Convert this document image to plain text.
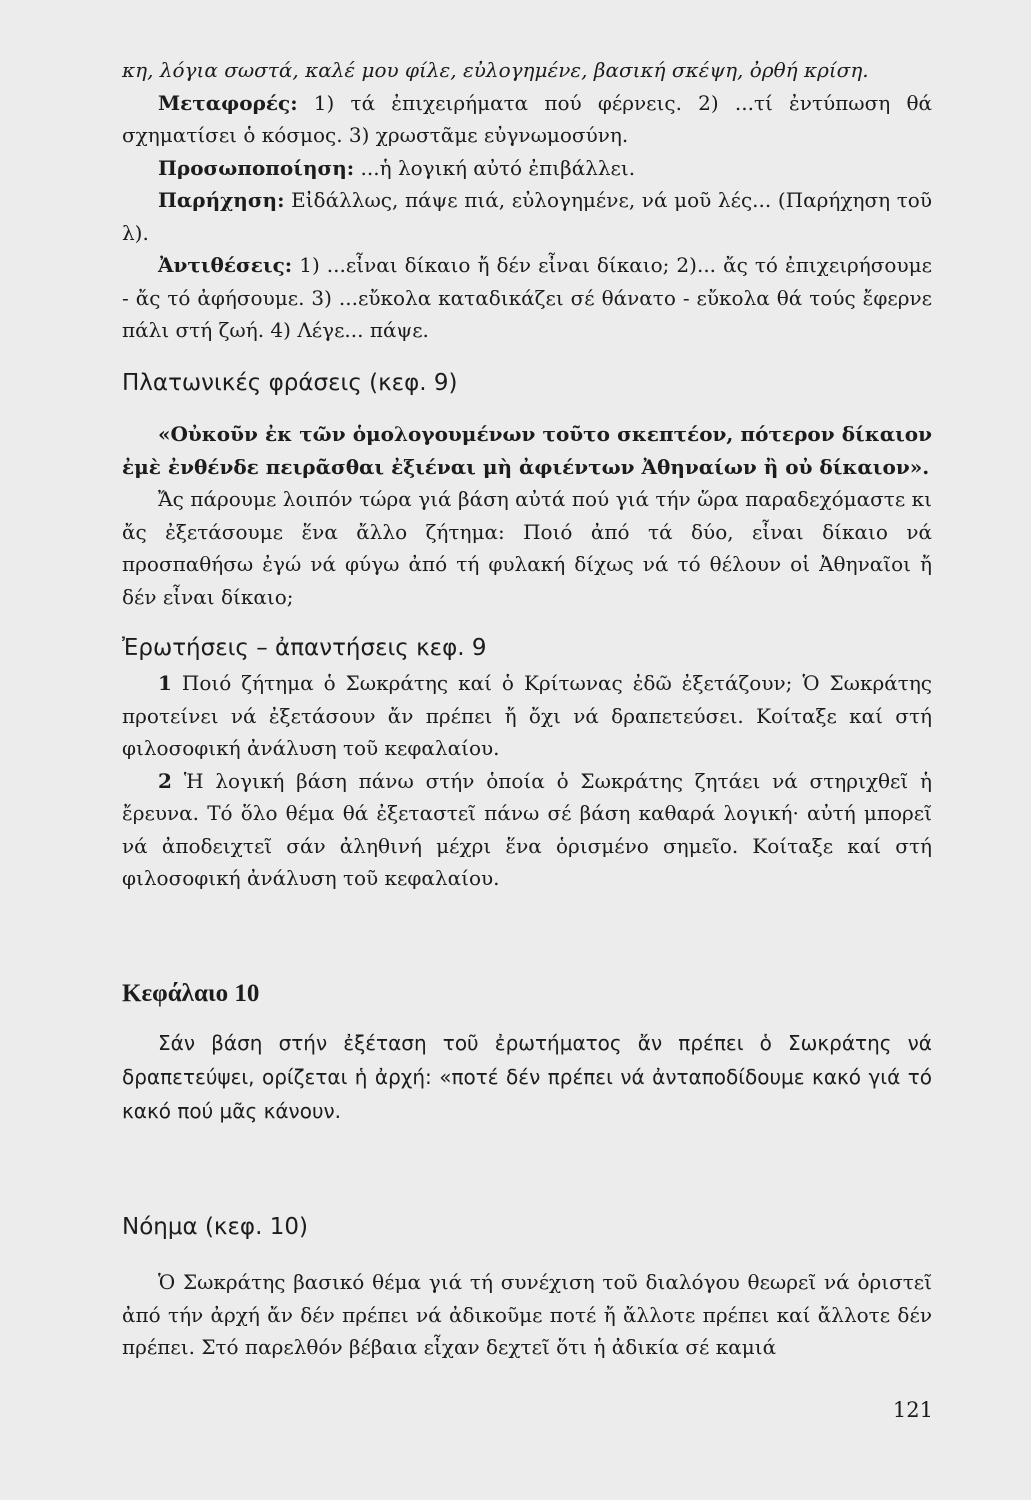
κη, λόγια σωστά, καλέ μου φίλε, εὐλογημένε, βασική σκέψη, ὀρθή κρίση.

Μεταφορές: 1) τά ἐπιχειρήματα πού φέρνεις. 2) ...τί ἐντύπωση θά σχηματίσει ὁ κόσμος. 3) χρωστᾶμε εὐγνωμοσύνη.

Προσωποποίηση: ...ἡ λογική αὐτό ἐπιβάλλει.

Παρήχηση: Εἰδάλλως, πάψε πιά, εὐλογημένε, νά μοῦ λές... (Παρήχηση τοῦ λ).

Ἀντιθέσεις: 1) ...εἶναι δίκαιο ἤ δέν εἶναι δίκαιο; 2)... ἄς τό ἐπιχειρήσουμε - ἄς τό ἀφήσουμε. 3) ...εὔκολα καταδικάζει σέ θάνατο - εὔκολα θά τούς ἔφερνε πάλι στή ζωή. 4) Λέγε... πάψε.

Πλατωνικές φράσεις (κεφ. 9)

«Οὐκοῦν ἐκ τῶν ὁμολογουμένων τοῦτο σκεπτέον, πότερον δίκαιον ἐμὲ ἐνθένδε πειρᾶσθαι ἐξιέναι μὴ ἀφιέντων Ἀθηναίων ἢ οὐ δίκαιον».

Ἄς πάρουμε λοιπόν τώρα γιά βάση αὐτά πού γιά τήν ὥρα παραδεχόμαστε κι ἄς ἐξετάσουμε ἕνα ἄλλο ζήτημα: Ποιό ἀπό τά δύο, εἶναι δίκαιο νά προσπαθήσω ἐγώ νά φύγω ἀπό τή φυλακή δίχως νά τό θέλουν οἱ Ἀθηναῖοι ἤ δέν εἶναι δίκαιο;

Ἐρωτήσεις – ἀπαντήσεις κεφ. 9

1 Ποιό ζήτημα ὁ Σωκράτης καί ὁ Κρίτωνας ἐδῶ ἐξετάζουν; Ὁ Σωκράτης προτείνει νά ἐξετάσουν ἄν πρέπει ἤ ὄχι νά δραπετεύσει. Κοίταξε καί στή φιλοσοφική ἀνάλυση τοῦ κεφαλαίου.

2 Ἡ λογική βάση πάνω στήν ὁποία ὁ Σωκράτης ζητάει νά στηριχθεῖ ἡ ἔρευνα. Τό ὅλο θέμα θά ἐξεταστεῖ πάνω σέ βάση καθαρά λογική· αὐτή μπορεῖ νά ἀποδειχτεῖ σάν ἀληθινή μέχρι ἕνα ὁρισμένο σημεῖο. Κοίταξε καί στή φιλοσοφική ἀνάλυση τοῦ κεφαλαίου.

Κεφάλαιο 10

Σάν βάση στήν ἐξέταση τοῦ ἐρωτήματος ἄν πρέπει ὁ Σωκράτης νά δραπετεύψει, ορίζεται ἡ ἀρχή: «ποτέ δέν πρέπει νά ἀνταποδίδουμε κακό γιά τό κακό πού μᾶς κάνουν.

Νόημα (κεφ. 10)

Ὁ Σωκράτης βασικό θέμα γιά τή συνέχιση τοῦ διαλόγου θεωρεῖ νά ὁριστεῖ ἀπό τήν ἀρχή ἄν δέν πρέπει νά ἀδικοῦμε ποτέ ἤ ἄλλοτε πρέπει καί ἄλλοτε δέν πρέπει. Στό παρελθόν βέβαια εἶχαν δεχτεῖ ὅτι ἡ ἀδικία σέ καμιά

121
